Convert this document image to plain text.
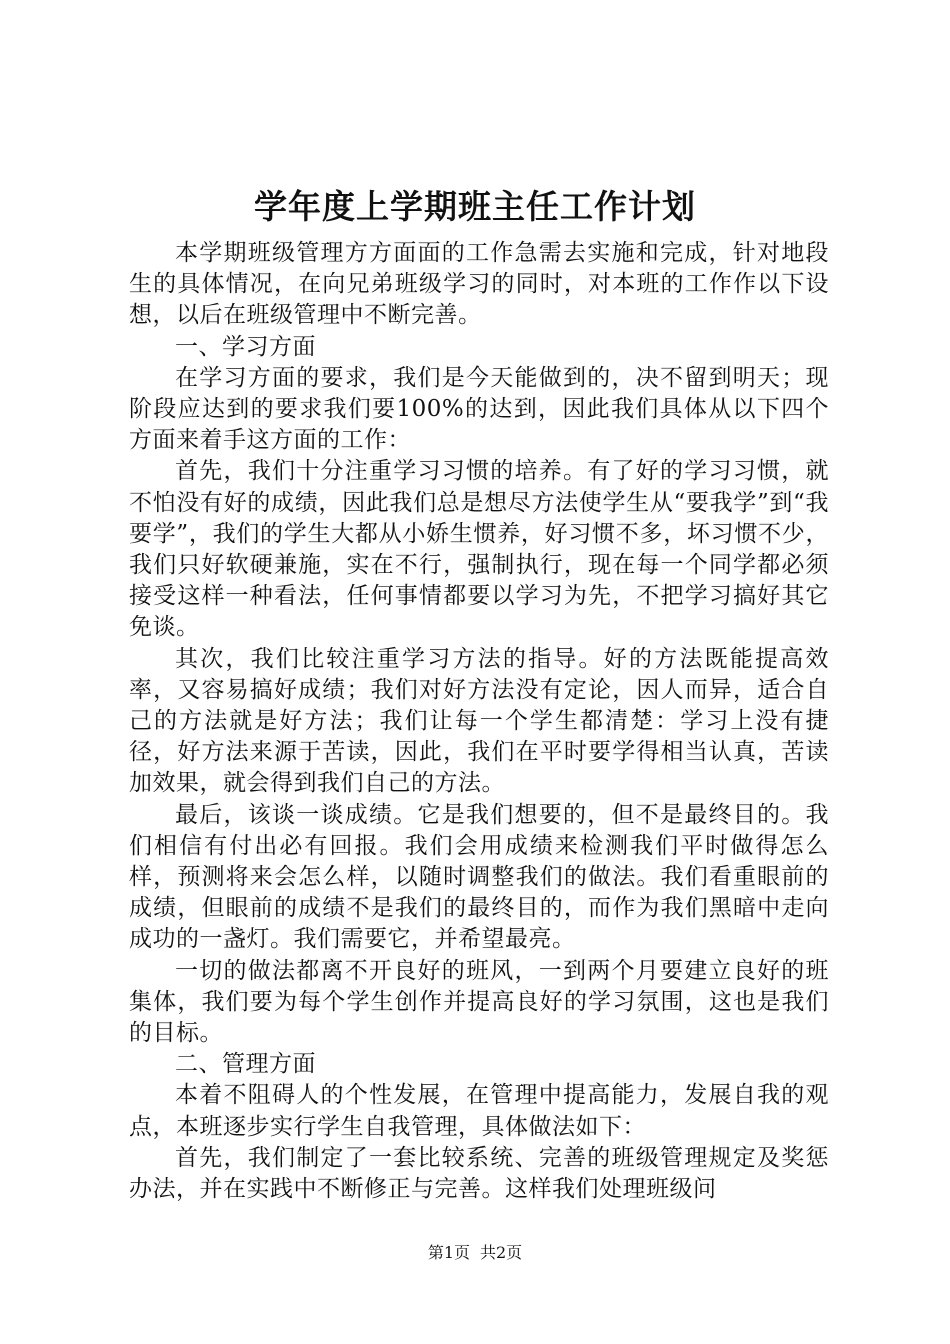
学年度上学期班主任工作计划

本学期班级管理方方面面的工作急需去实施和完成，针对地段生的具体情况，在向兄弟班级学习的同时，对本班的工作作以下设想，以后在班级管理中不断完善。

一、学习方面

在学习方面的要求，我们是今天能做到的，决不留到明天；现阶段应达到的要求我们要100%的达到，因此我们具体从以下四个方面来着手这方面的工作：

首先，我们十分注重学习习惯的培养。有了好的学习习惯，就不怕没有好的成绩，因此我们总是想尽方法使学生从“要我学”到“我要学”，我们的学生大都从小娇生惯养，好习惯不多，坏习惯不少，我们只好软硬兼施，实在不行，强制执行，现在每一个同学都必须接受这样一种看法，任何事情都要以学习为先，不把学习搞好其它免谈。

其次，我们比较注重学习方法的指导。好的方法既能提高效率，又容易搞好成绩；我们对好方法没有定论，因人而异，适合自己的方法就是好方法；我们让每一个学生都清楚：学习上没有捷径，好方法来源于苦读，因此，我们在平时要学得相当认真，苦读加效果，就会得到我们自己的方法。

最后，该谈一谈成绩。它是我们想要的，但不是最终目的。我们相信有付出必有回报。我们会用成绩来检测我们平时做得怎么样，预测将来会怎么样，以随时调整我们的做法。我们看重眼前的成绩，但眼前的成绩不是我们的最终目的，而作为我们黑暗中走向成功的一盏灯。我们需要它，并希望最亮。

一切的做法都离不开良好的班风，一到两个月要建立良好的班集体，我们要为每个学生创作并提高良好的学习氛围，这也是我们的目标。

二、管理方面

本着不阻碍人的个性发展，在管理中提高能力，发展自我的观点，本班逐步实行学生自我管理，具体做法如下：

首先，我们制定了一套比较系统、完善的班级管理规定及奖惩办法，并在实践中不断修正与完善。这样我们处理班级问

第1页 共2页
